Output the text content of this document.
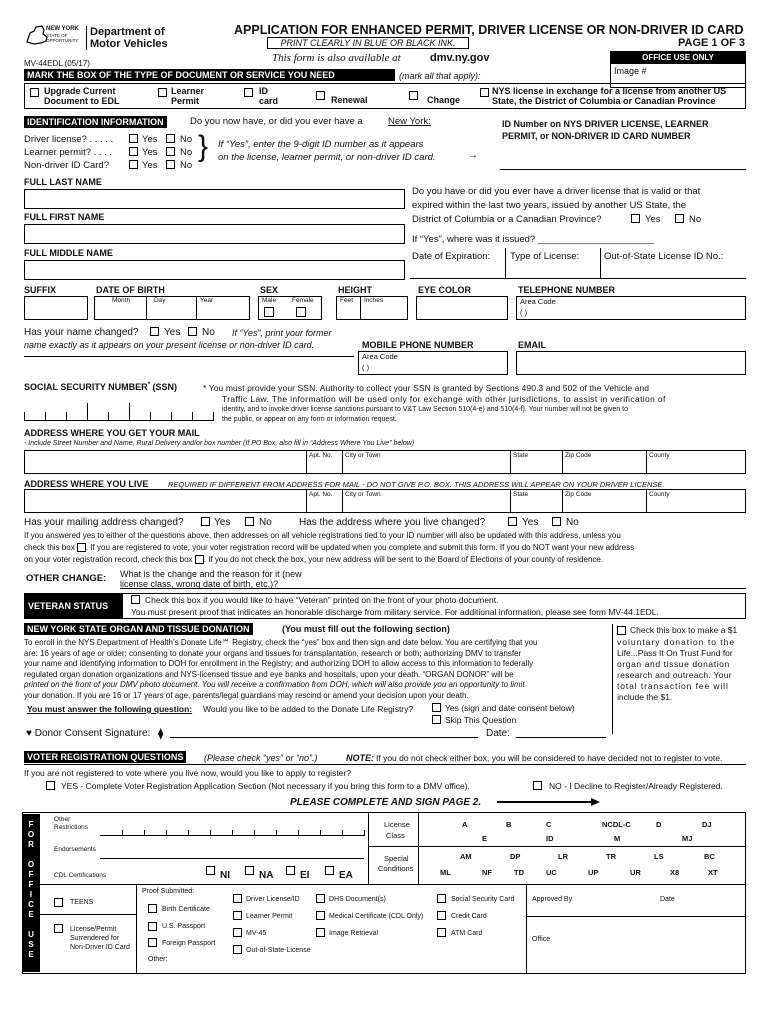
NEW YORK
STATE OF
OPPORTUNITY.
Department of
Motor Vehicles
APPLICATION FOR ENHANCED PERMIT, DRIVER LICENSE OR NON-DRIVER ID CARD
PRINT CLEARLY IN BLUE OR BLACK INK.	PAGE 1 OF 3
This form is also available at	dmv.ny.gov
MV-44EDL (05/17)
OFFICE USE ONLY
Image #
MARK THE BOX OF THE TYPE OF DOCUMENT OR SERVICE YOU NEED	(mark all that apply):
Upgrade Current
Document to EDL
Learner
Permit
ID
card	Renewal	Change
NYS license in exchange for a license from another US
State, the District of Columbia or Canadian Province
IDENTIFICATION INFORMATION	Do you now have, or did you ever have a	New York:
Driver license? . . . . .
Learner permit? . . . .
Non-driver ID Card?
Yes No
Yes No
Yes No
} If “Yes”, enter the 9-digit ID number as it appears
on the license, learner permit, or non-driver ID card.	→
ID Number on NYS DRIVER LICENSE, LEARNER
PERMIT, or NON-DRIVER ID CARD NUMBER
FULL LAST NAME
FULL FIRST NAME
FULL MIDDLE NAME
Do you have or did you ever have a driver license that is valid or that
expired within the last two years, issued by another US State, the
District of Columbia or a Canadian Province?	Yes	No
If “Yes”, where was it issued? ______________________
Date of Expiration: Type of License:	Out-of-State License ID No.:
SUFFIX	DATE OF BIRTH
Month	Day	Year
SEX
Male Female
HEIGHT
Feet Inches
EYE COLOR	TELEPHONE NUMBER
Area Code
( )
Has your name changed?	Yes No If “Yes”, print your former
name exactly as it appears on your present license or non-driver ID card.	MOBILE PHONE NUMBER
Area Code
( )
EMAIL
SOCIAL SECURITY NUMBER* (SSN)	* You must provide your SSN. Authority to collect your SSN is granted by Sections 490.3 and 502 of the Vehicle and
Traffic Law. The information will be used only for exchange with other jurisdictions, to assist in verification of
identity, and to invoke driver license sanctions pursuant to V&T Law Section 510(4-e) and 510(4-f). Your number will not be given to
the public, or appear on any form or information request.
ADDRESS WHERE YOU GET YOUR MAIL
- Include Street Number and Name, Rural Delivery and/or box number (If PO Box, also fill in “Address Where You Live” below)
Apt. No. City or Town	State	Zip Code	County
ADDRESS WHERE YOU LIVE	REQUIRED IF DIFFERENT FROM ADDRESS FOR MAIL - DO NOT GIVE P.O. BOX. THIS ADDRESS WILL APPEAR ON YOUR DRIVER LICENSE.
Apt. No. City or Town	State	Zip Code	County
Has your mailing address changed?	Yes	No	Has the address where you live changed?	Yes	No
If you answered yes to either of the questions above, then addresses on all vehicle registrations tied to your ID number will also be updated with this address, unless you
check this box . If you are registered to vote, your voter registration record will be updated when you complete and submit this form. If you do NOT want your new address
on your voter registration record, check this box . If you do not check the box, your new address will be sent to the Board of Elections of your county of residence.
OTHER CHANGE: What is the change and the reason for it (new
license class, wrong date of birth, etc.)?
VETERAN STATUS
Check this box if you would like to have “Veteran” printed on the front of your photo document.
You must present proof that indicates an honorable discharge from military service. For additional information, please see form MV-44.1EDL.
NEW YORK STATE ORGAN AND TISSUE DONATION	(You must fill out the following section)
To enroll in the NYS Department of Health’s Donate Life℠ Registry, check the “yes” box and then sign and date below. You are certifying that you
are: 16 years of age or older; consenting to donate your organs and tissues for transplantation, research or both; authorizing DMV to transfer
your name and identifying information to DOH for enrollment in the Registry; and authorizing DOH to allow access to this information to federally
regulated organ donation organizations and NYS-licensed tissue and eye banks and hospitals, upon your death. “ORGAN DONOR” will be
printed on the front of your DMV photo document. You will receive a confirmation from DOH, which will also provide you an opportunity to limit
your donation. If you are 16 or 17 years of age, parents/legal guardians may rescind or amend your decision upon your death.
Check this box to make a $1
voluntary donation to the
Life...Pass It On Trust Fund for
organ and tissue donation
research and outreach. Your
total transaction fee will
include the $1.
You must answer the following question: Would you like to be added to the Donate Life Registry?	Yes (sign and date consent below)
Skip This Question
♥ Donor Consent Signature: ⧫	Date:
VOTER REGISTRATION QUESTIONS	(Please check “yes” or “no”.)	NOTE: If you do not check either box, you will be considered to have decided not to register to vote.
If you are not registered to vote where you live now, would you like to apply to register?
YES - Complete Voter Registration Application Section (Not necessary if you bring this form to a DMV office).	NO - I Decline to Register/Already Registered.
PLEASE COMPLETE AND SIGN PAGE 2.
F
O
R
O
F
F
I
C
E
U
S
E
Other
Restrictions
Endorsements
CDL Certifications	NI	NA	EI	EA
License
Class
A	B	C	NCDL-C	D	DJ
E	ID	M	MJ
Special
Conditions
AM	DP	LR	TR	LS	BC
ML	NF	TD	UC	UP	UR	X8	XT
TEENS
License/Permit
Surrendered for
Non-Driver ID Card
Proof Submitted:
Birth Certificate
U.S. Passport
Foreign Passport
Other:
Driver License/ID
Learner Permit
MV-45
Out-of-State-License
DHS Document(s)
Medical Certificate (CDL Only)
Image Retrieval
Social Security Card
Credit Card
ATM Card
Approved By	Date
Office
